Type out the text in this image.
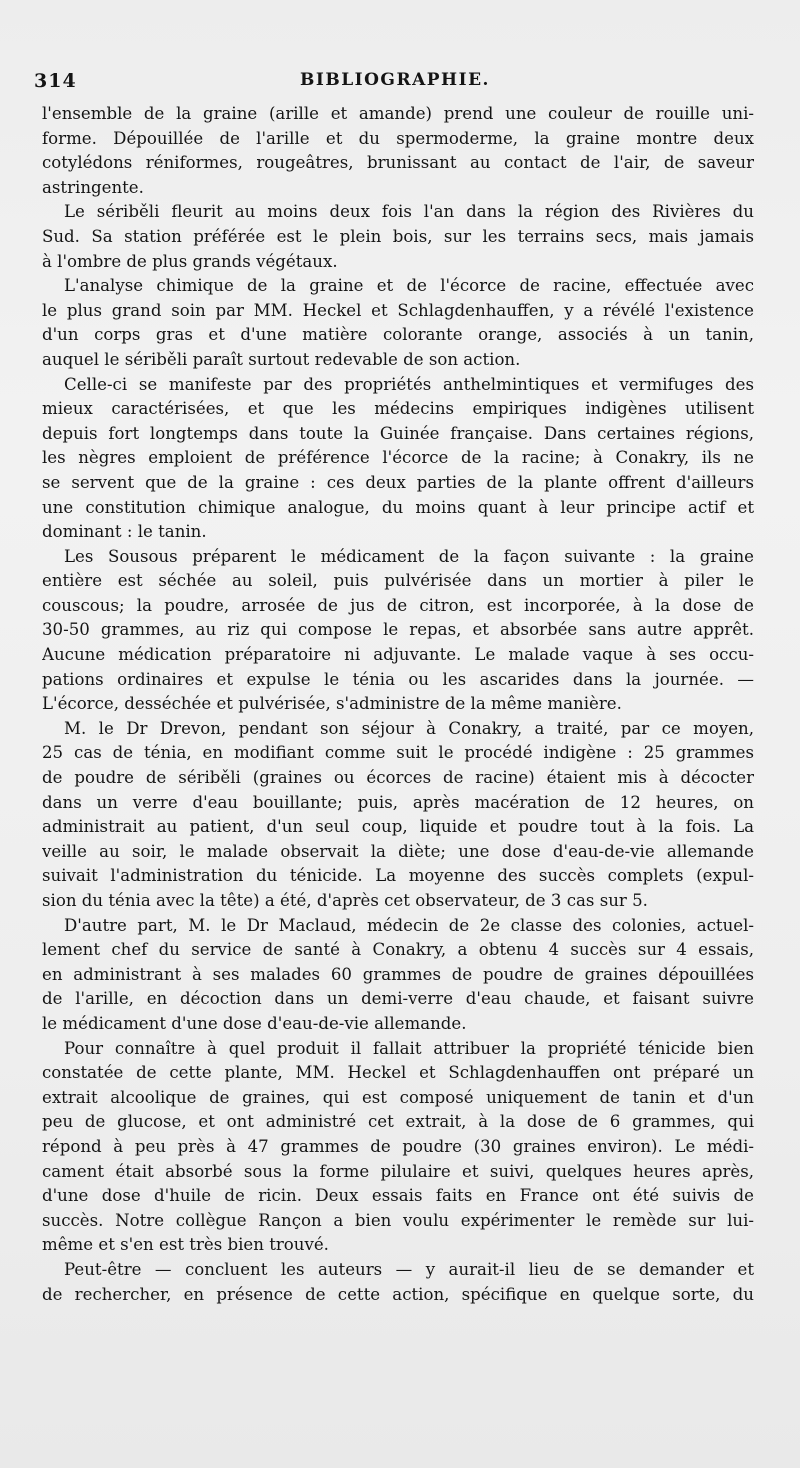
314	BIBLIOGRAPHIE.
l'ensemble de la graine (arille et amande) prend une couleur de rouille uni-
forme. Dépouillée de l'arille et du spermoderme, la graine montre deux
cotylédons réniformes, rougeâtres, brunissant au contact de l'air, de saveur
astringente.
Le sériběli fleurit au moins deux fois l'an dans la région des Rivières du
Sud. Sa station préférée est le plein bois, sur les terrains secs, mais jamais
à l'ombre de plus grands végétaux.
L'analyse chimique de la graine et de l'écorce de racine, effectuée avec
le plus grand soin par MM. Heckel et Schlagdenhauffen, y a révélé l'existence
d'un corps gras et d'une matière colorante orange, associés à un tanin,
auquel le sériběli paraît surtout redevable de son action.
Celle-ci se manifeste par des propriétés anthelmintiques et vermifuges des
mieux caractérisées, et que les médecins empiriques indigènes utilisent
depuis fort longtemps dans toute la Guinée française. Dans certaines régions,
les nègres emploient de préférence l'écorce de la racine; à Conakry, ils ne
se servent que de la graine : ces deux parties de la plante offrent d'ailleurs
une constitution chimique analogue, du moins quant à leur principe actif et
dominant : le tanin.
Les Sousous préparent le médicament de la façon suivante : la graine
entière est séchée au soleil, puis pulvérisée dans un mortier à piler le
couscous; la poudre, arrosée de jus de citron, est incorporée, à la dose de
30-50 grammes, au riz qui compose le repas, et absorbée sans autre apprêt.
Aucune médication préparatoire ni adjuvante. Le malade vaque à ses occu-
pations ordinaires et expulse le ténia ou les ascarides dans la journée. —
L'écorce, desséchée et pulvérisée, s'administre de la même manière.
M. le Dr Drevon, pendant son séjour à Conakry, a traité, par ce moyen,
25 cas de ténia, en modifiant comme suit le procédé indigène : 25 grammes
de poudre de sériběli (graines ou écorces de racine) étaient mis à décocter
dans un verre d'eau bouillante; puis, après macération de 12 heures, on
administrait au patient, d'un seul coup, liquide et poudre tout à la fois. La
veille au soir, le malade observait la diète; une dose d'eau-de-vie allemande
suivait l'administration du ténicide. La moyenne des succès complets (expul-
sion du ténia avec la tête) a été, d'après cet observateur, de 3 cas sur 5.
D'autre part, M. le Dr Maclaud, médecin de 2e classe des colonies, actuel-
lement chef du service de santé à Conakry, a obtenu 4 succès sur 4 essais,
en administrant à ses malades 60 grammes de poudre de graines dépouillées
de l'arille, en décoction dans un demi-verre d'eau chaude, et faisant suivre
le médicament d'une dose d'eau-de-vie allemande.
Pour connaître à quel produit il fallait attribuer la propriété ténicide bien
constatée de cette plante, MM. Heckel et Schlagdenhauffen ont préparé un
extrait alcoolique de graines, qui est composé uniquement de tanin et d'un
peu de glucose, et ont administré cet extrait, à la dose de 6 grammes, qui
répond à peu près à 47 grammes de poudre (30 graines environ). Le médi-
cament était absorbé sous la forme pilulaire et suivi, quelques heures après,
d'une dose d'huile de ricin. Deux essais faits en France ont été suivis de
succès. Notre collègue Rançon a bien voulu expérimenter le remède sur lui-
même et s'en est très bien trouvé.
Peut-être — concluent les auteurs — y aurait-il lieu de se demander et
de rechercher, en présence de cette action, spécifique en quelque sorte, du
